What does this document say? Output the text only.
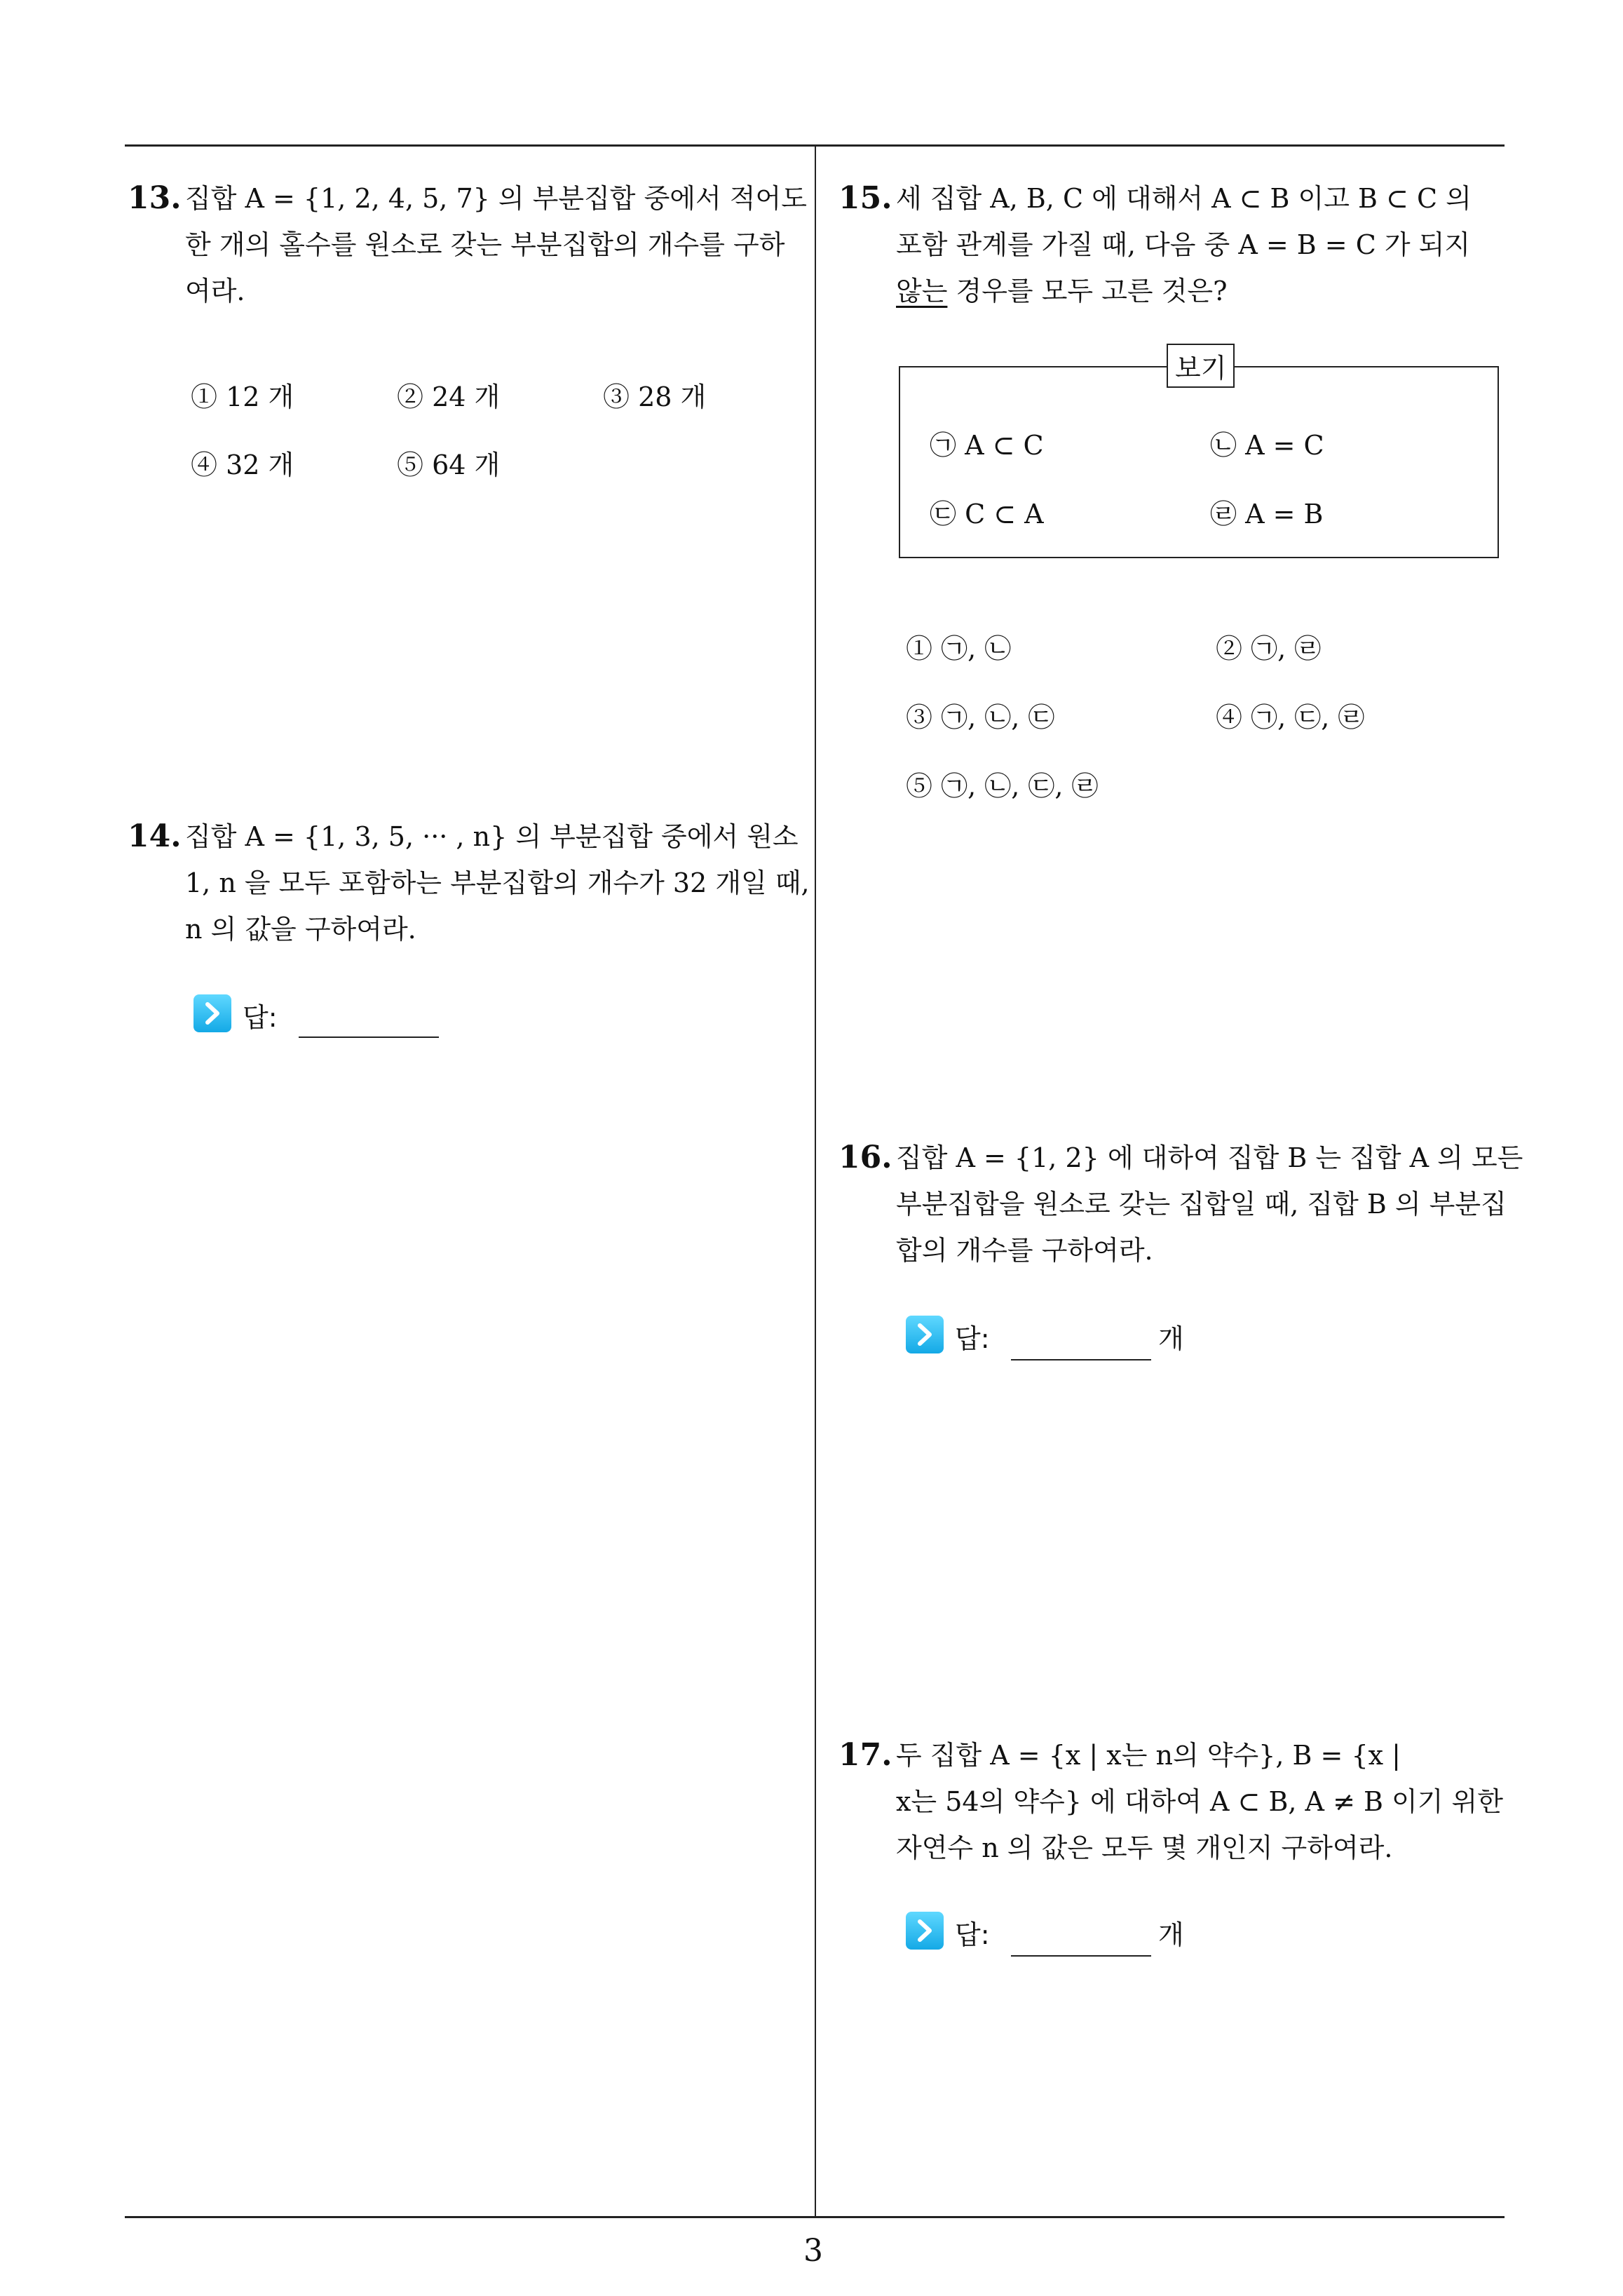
13. 집합 A = {1, 2, 4, 5, 7} 의 부분집합 중에서 적어도
한 개의 홀수를 원소로 갖는 부분집합의 개수를 구하
여라.
① 12 개	② 24 개	③ 28 개
④ 32 개	⑤ 64 개
14. 집합 A = {1, 3, 5, ··· , n} 의 부분집합 중에서 원소
1, n 을 모두 포함하는 부분집합의 개수가 32 개일 때,
n 의 값을 구하여라.
답:
15. 세 집합 A, B, C 에 대해서 A ⊂ B 이고 B ⊂ C 의
포함 관계를 가질 때, 다음 중 A = B = C 가 되지
않는 경우를 모두 고른 것은?
보기
㉠ A ⊂ C	㉡ A = C
㉢ C ⊂ A	㉣ A = B
① ㉠, ㉡	② ㉠, ㉣
③ ㉠, ㉡, ㉢	④ ㉠, ㉢, ㉣
⑤ ㉠, ㉡, ㉢, ㉣
16. 집합 A = {1, 2} 에 대하여 집합 B 는 집합 A 의 모든
부분집합을 원소로 갖는 집합일 때, 집합 B 의 부분집
합의 개수를 구하여라.
답:	개
17. 두 집합 A = {x | x는 n의 약수}, B = {x |
x는 54의 약수} 에 대하여 A ⊂ B, A ≠ B 이기 위한
자연수 n 의 값은 모두 몇 개인지 구하여라.
답:	개
3
